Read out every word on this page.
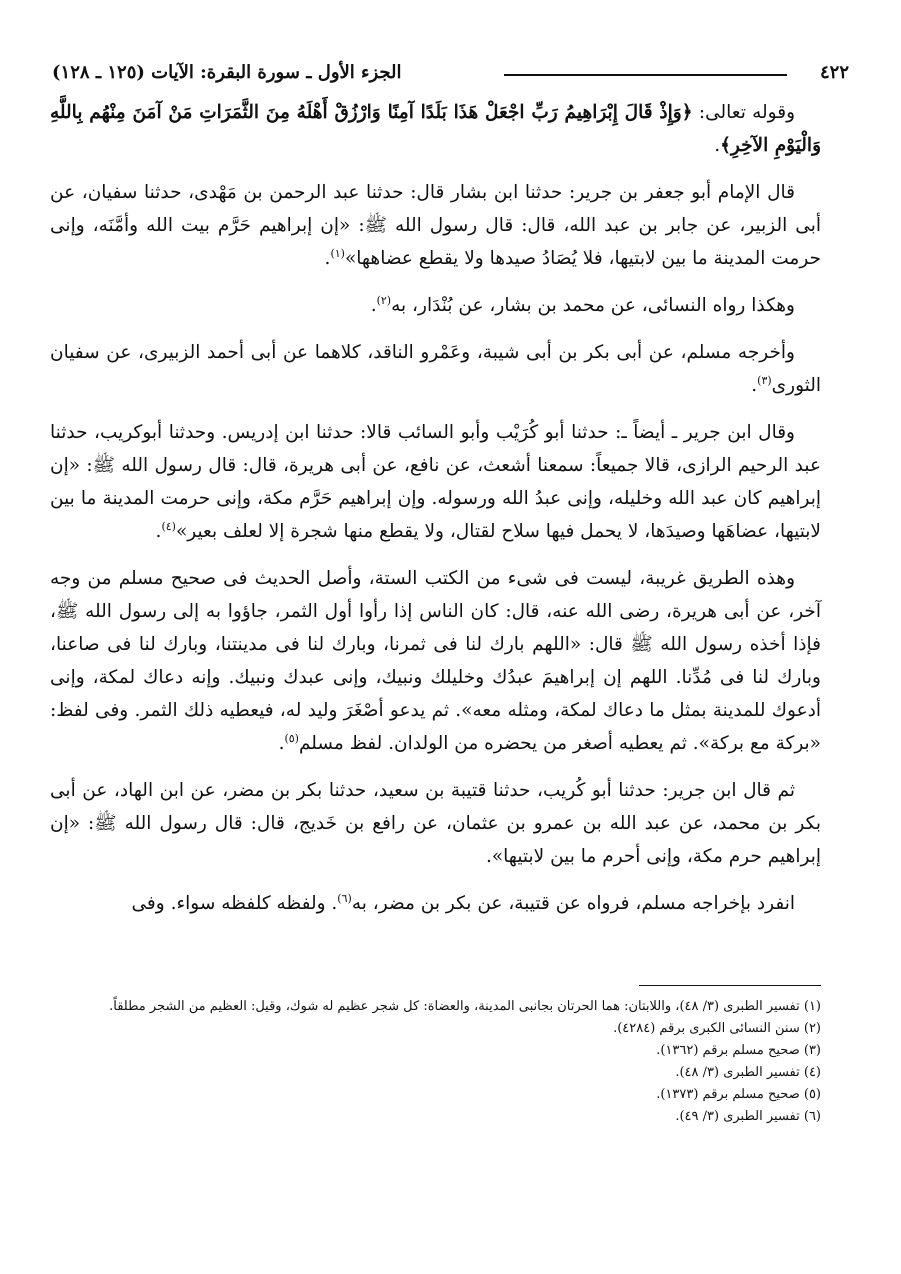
٤٢٢
الجزء الأول ـ سورة البقرة: الآيات (١٢٥ ـ ١٢٨)

وقوله تعالى: ﴿وَإِذْ قَالَ إِبْرَاهِيمُ رَبِّ اجْعَلْ هَذَا بَلَدًا آمِنًا وَارْزُقْ أَهْلَهُ مِنَ الثَّمَرَاتِ مَنْ آمَنَ مِنْهُم بِاللَّهِ وَالْيَوْمِ الآخِرِ﴾.

قال الإمام أبو جعفر بن جرير: حدثنا ابن بشار قال: حدثنا عبد الرحمن بن مَهْدى، حدثنا سفيان، عن أبى الزبير، عن جابر بن عبد الله، قال: قال رسول الله ﷺ: «إن إبراهيم حَرَّم بيت الله وأمَّنَه، وإنى حرمت المدينة ما بين لابتيها، فلا يُصَادُ صيدها ولا يقطع عضاهها»$^{(١)}$.

وهكذا رواه النسائى، عن محمد بن بشار، عن بُنْدَار، به$^{(٢)}$.

وأخرجه مسلم، عن أبى بكر بن أبى شيبة، وعَمْرو الناقد، كلاهما عن أبى أحمد الزبيرى، عن سفيان الثورى$^{(٣)}$.

وقال ابن جرير ـ أيضاً ـ: حدثنا أبو كُرَيْب وأبو السائب قالا: حدثنا ابن إدريس. وحدثنا أبوكريب، حدثنا عبد الرحيم الرازى، قالا جميعاً: سمعنا أشعث، عن نافع، عن أبى هريرة، قال: قال رسول الله ﷺ: «إن إبراهيم كان عبد الله وخليله، وإنى عبدُ الله ورسوله. وإن إبراهيم حَرَّم مكة، وإنى حرمت المدينة ما بين لابتيها، عضاهَها وصيدَها، لا يحمل فيها سلاح لقتال، ولا يقطع منها شجرة إلا لعلف بعير»$^{(٤)}$.

وهذه الطريق غريبة، ليست فى شىء من الكتب الستة، وأصل الحديث فى صحيح مسلم من وجه آخر، عن أبى هريرة، رضى الله عنه، قال: كان الناس إذا رأوا أول الثمر، جاؤوا به إلى رسول الله ﷺ، فإذا أخذه رسول الله ﷺ قال: «اللهم بارك لنا فى ثمرنا، وبارك لنا فى مدينتنا، وبارك لنا فى صاعنا، وبارك لنا فى مُدِّنا. اللهم إن إبراهيمَ عبدُك وخليلك ونبيك، وإنى عبدك ونبيك. وإنه دعاك لمكة، وإنى أدعوك للمدينة بمثل ما دعاك لمكة، ومثله معه». ثم يدعو أصْغَرَ وليد له، فيعطيه ذلك الثمر. وفى لفظ: «بركة مع بركة». ثم يعطيه أصغر من يحضره من الولدان. لفظ مسلم$^{(٥)}$.

ثم قال ابن جرير: حدثنا أبو كُريب، حدثنا قتيبة بن سعيد، حدثنا بكر بن مضر، عن ابن الهاد، عن أبى بكر بن محمد، عن عبد الله بن عمرو بن عثمان، عن رافع بن خَديج، قال: قال رسول الله ﷺ: «إن إبراهيم حرم مكة، وإنى أحرم ما بين لابتيها».

انفرد بإخراجه مسلم، فرواه عن قتيبة، عن بكر بن مضر، به$^{(٦)}$. ولفظه كلفظه سواء. وفى

(١) تفسير الطبرى (٣/ ٤٨)، واللابتان: هما الحرتان بجانبى المدينة، والعضاة: كل شجر عظيم له شوك، وقيل: العظيم من الشجر مطلقاً.
(٢) سنن النسائى الكبرى برقم (٤٢٨٤).
(٣) صحيح مسلم برقم (١٣٦٢).
(٤) تفسير الطبرى (٣/ ٤٨).
(٥) صحيح مسلم برقم (١٣٧٣).
(٦) تفسير الطبرى (٣/ ٤٩).
